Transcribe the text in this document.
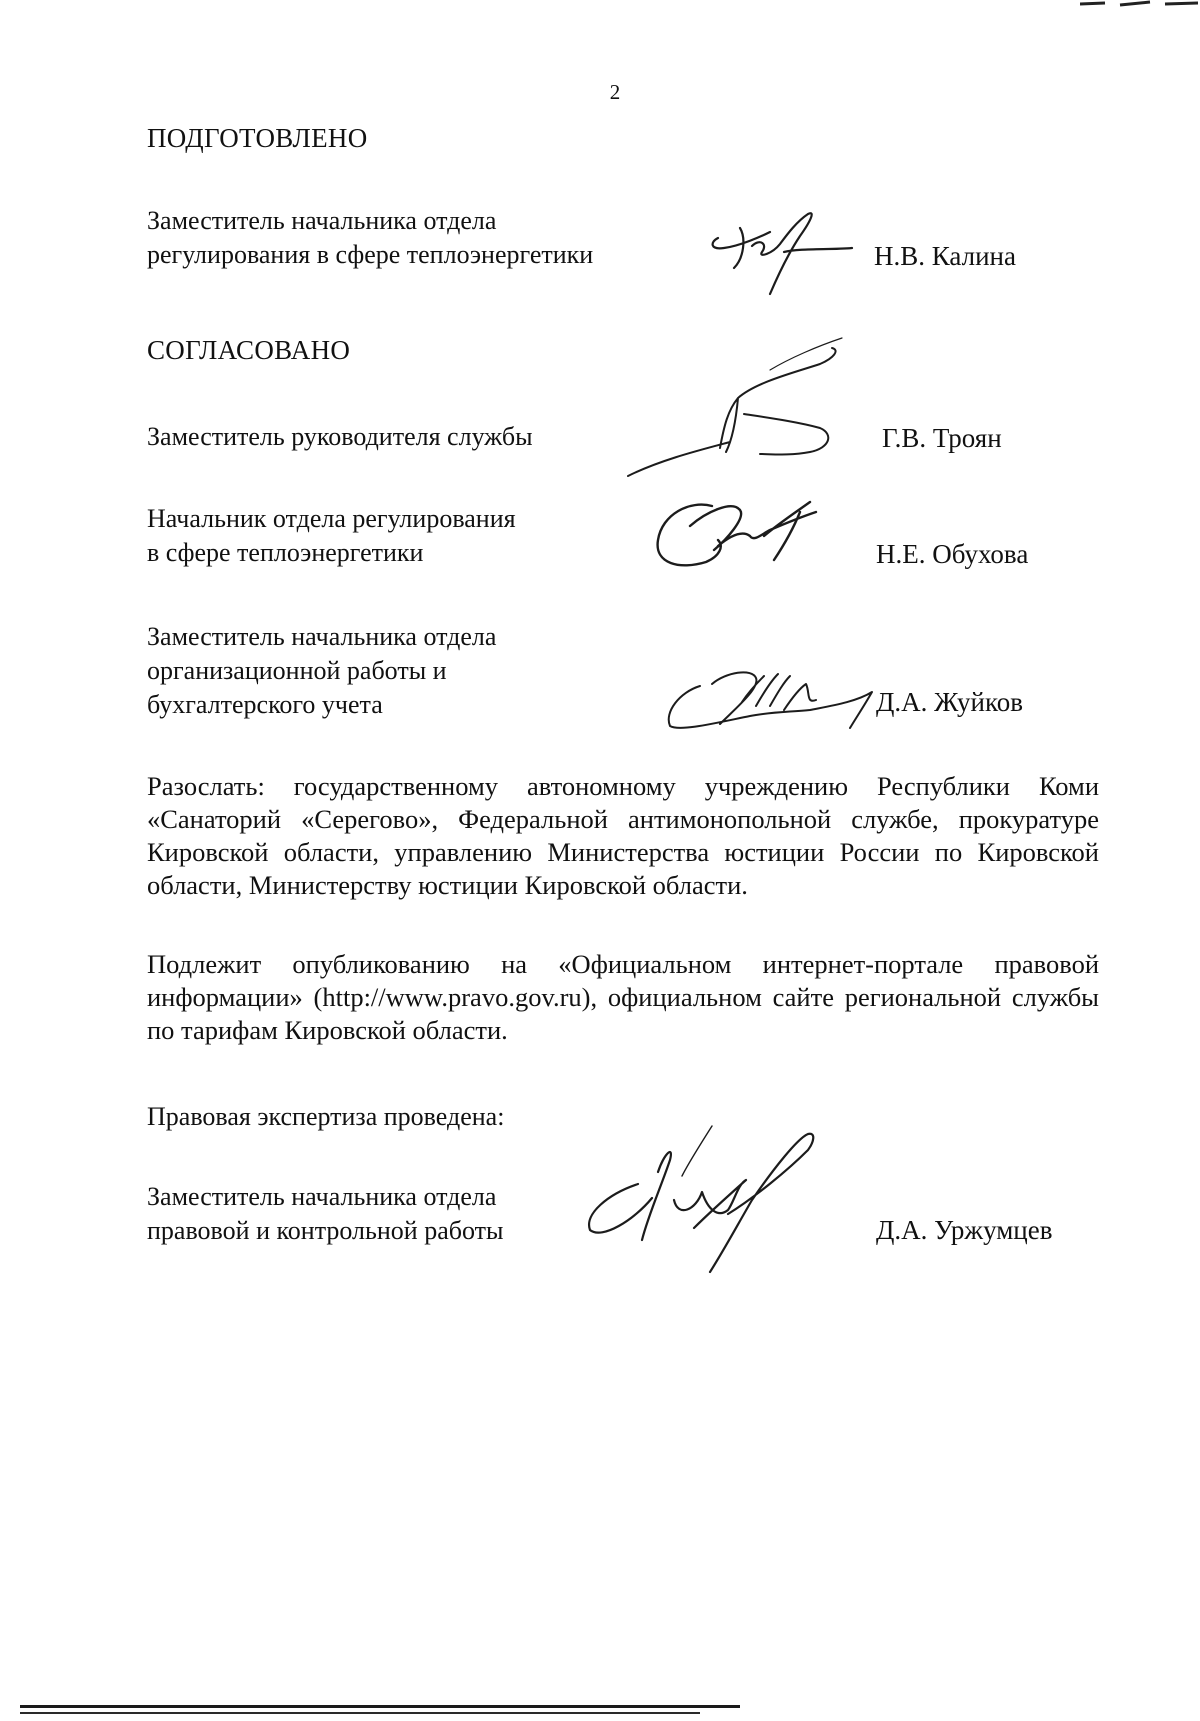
2
ПОДГОТОВЛЕНО
Заместитель начальника отдела
регулирования в сфере теплоэнергетики	Н.В. Калина
СОГЛАСОВАНО
Заместитель руководителя службы	Г.В. Троян
Начальник отдела регулирования
в сфере теплоэнергетики	Н.Е. Обухова
Заместитель начальника отдела
организационной работы и
бухгалтерского учета	Д.А. Жуйков
Разослать: государственному автономному учреждению Республики Коми «Санаторий «Серегово», Федеральной антимонопольной службе, прокуратуре Кировской области, управлению Министерства юстиции России по Кировской области, Министерству юстиции Кировской области.
Подлежит опубликованию на «Официальном интернет-портале правовой информации» (http://www.pravo.gov.ru), официальном сайте региональной службы по тарифам Кировской области.
Правовая экспертиза проведена:
Заместитель начальника отдела
правовой и контрольной работы	Д.А. Уржумцев
